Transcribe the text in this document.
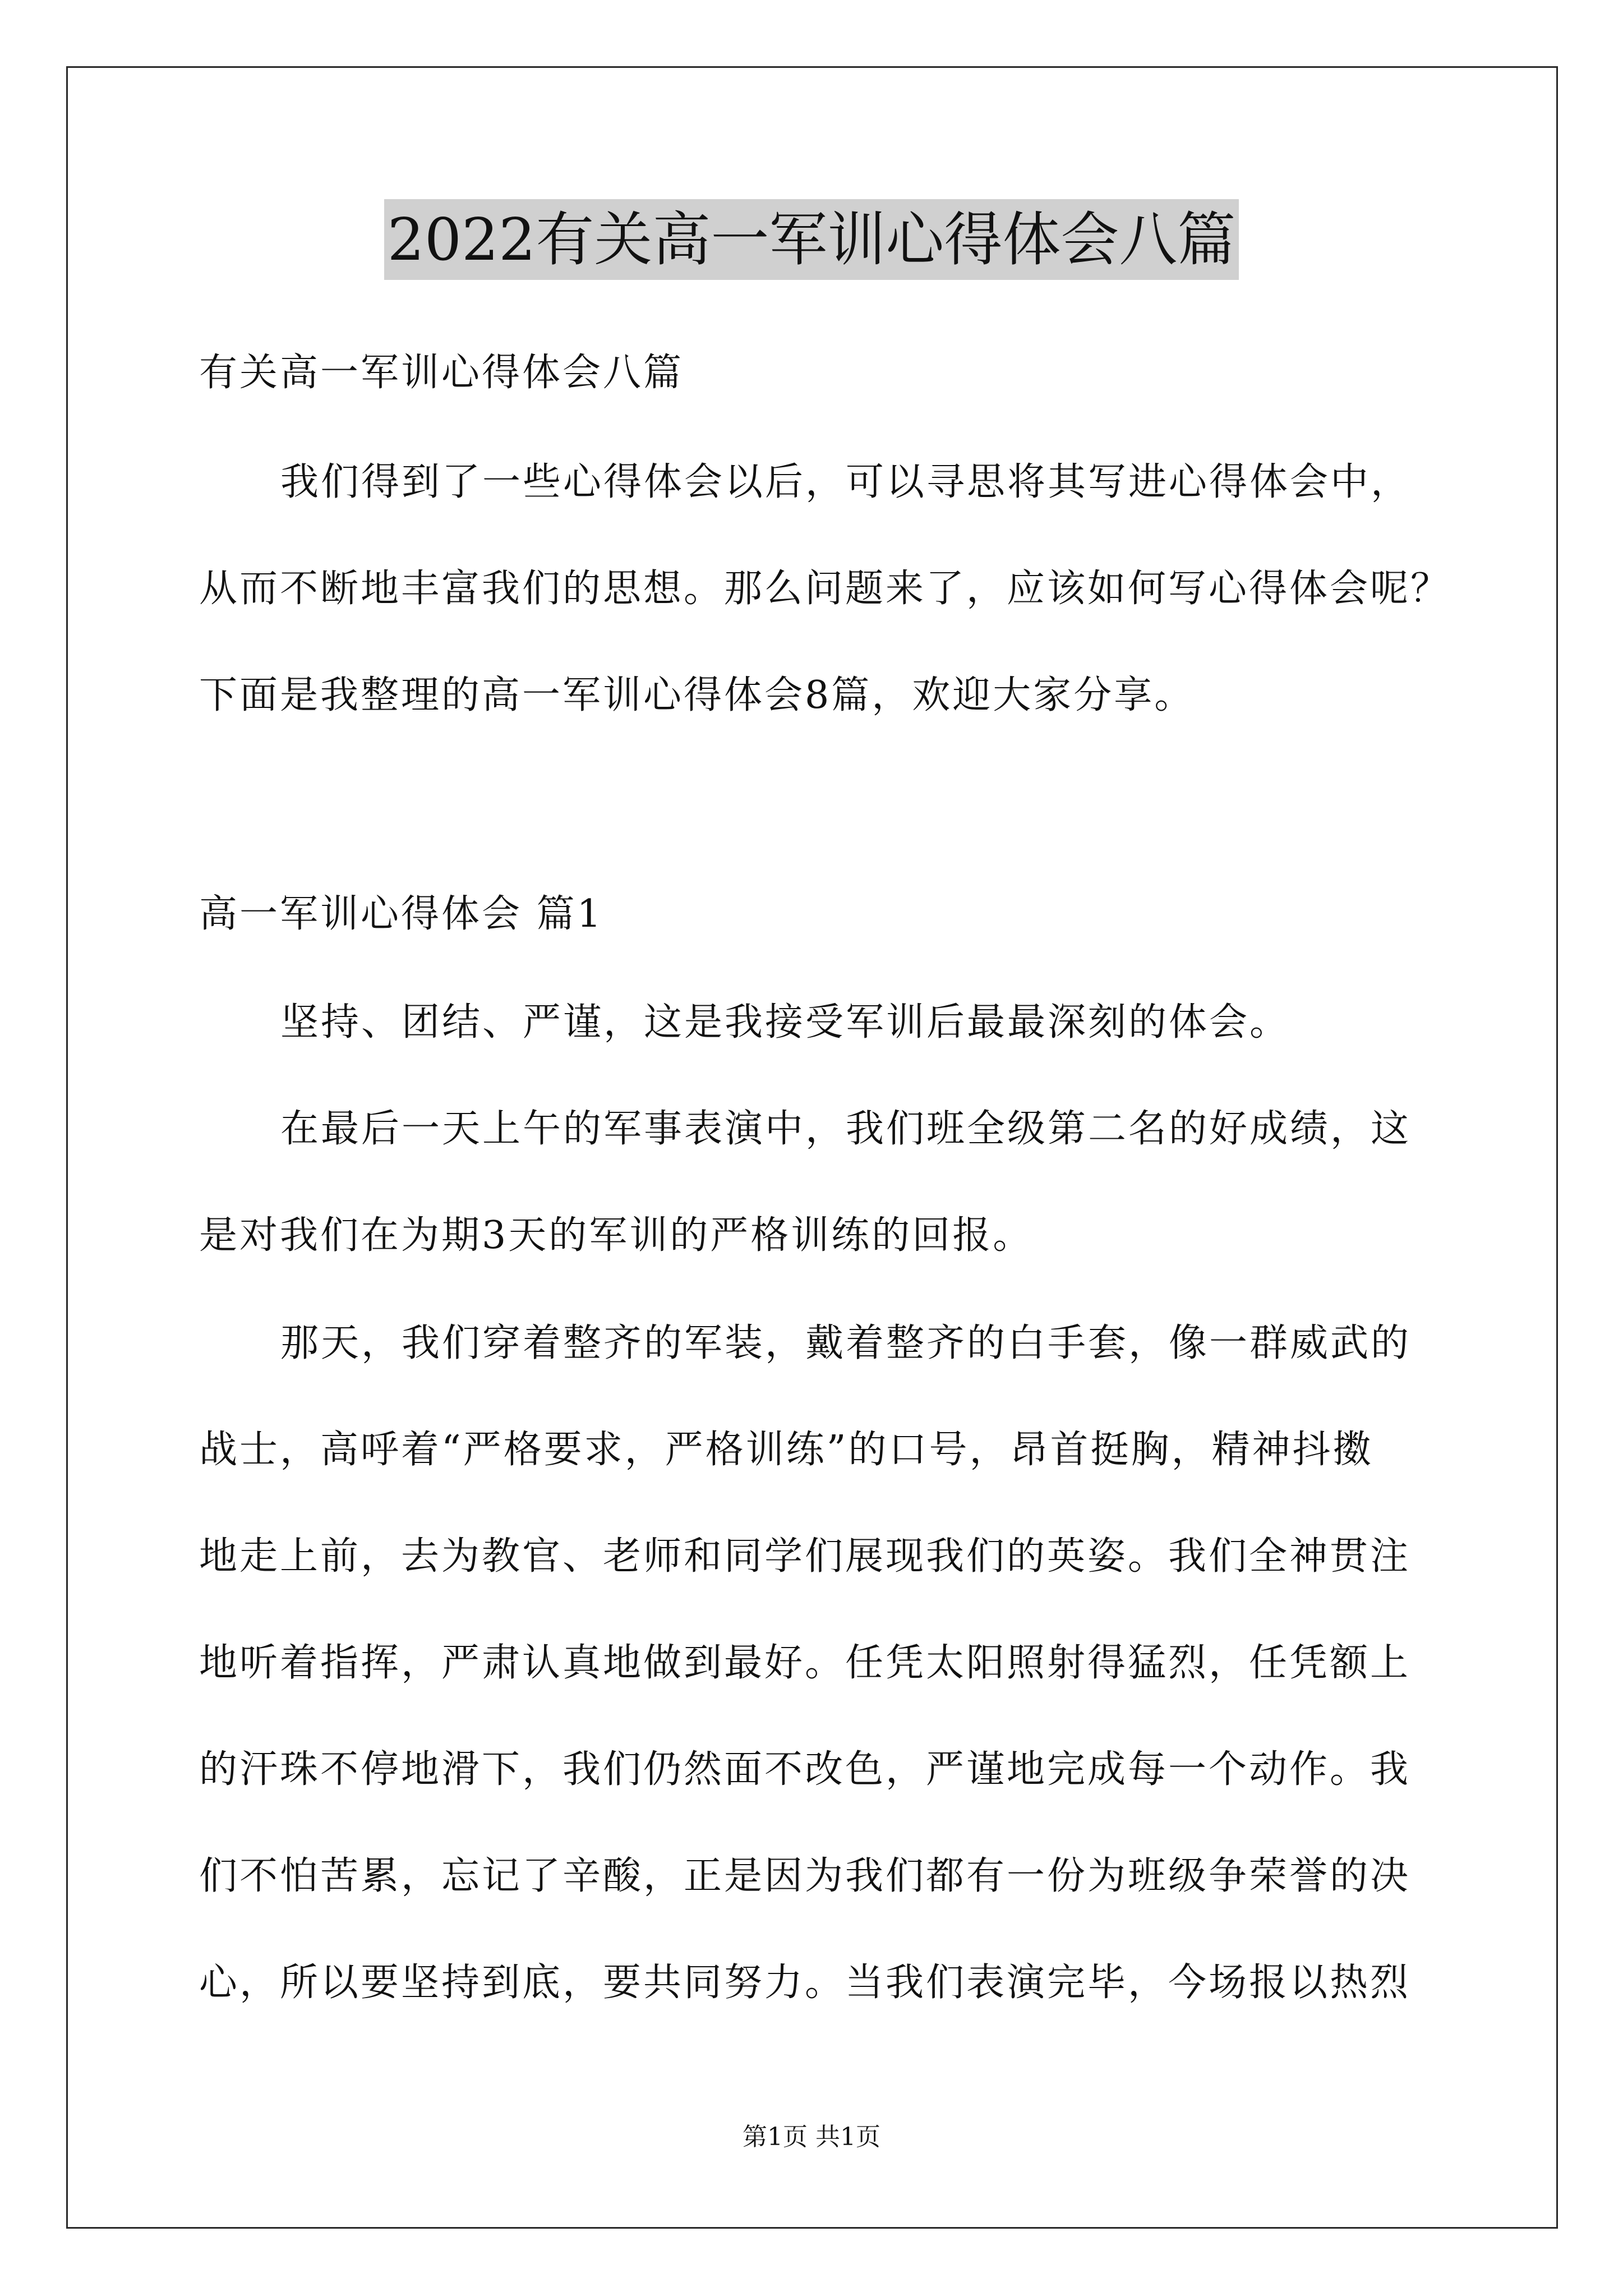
2022有关高一军训心得体会八篇
有关高一军训心得体会八篇
我们得到了一些心得体会以后，可以寻思将其写进心得体会中，
从而不断地丰富我们的思想。那么问题来了，应该如何写心得体会呢？
下面是我整理的高一军训心得体会8篇，欢迎大家分享。
高一军训心得体会 篇1
坚持、团结、严谨，这是我接受军训后最最深刻的体会。
在最后一天上午的军事表演中，我们班全级第二名的好成绩，这
是对我们在为期3天的军训的严格训练的回报。
那天，我们穿着整齐的军装，戴着整齐的白手套，像一群威武的
战士，高呼着“严格要求，严格训练”的口号，昂首挺胸，精神抖擞
地走上前，去为教官、老师和同学们展现我们的英姿。我们全神贯注
地听着指挥，严肃认真地做到最好。任凭太阳照射得猛烈，任凭额上
的汗珠不停地滑下，我们仍然面不改色，严谨地完成每一个动作。我
们不怕苦累，忘记了辛酸，正是因为我们都有一份为班级争荣誉的决
心，所以要坚持到底，要共同努力。当我们表演完毕，今场报以热烈
第1页 共1页
